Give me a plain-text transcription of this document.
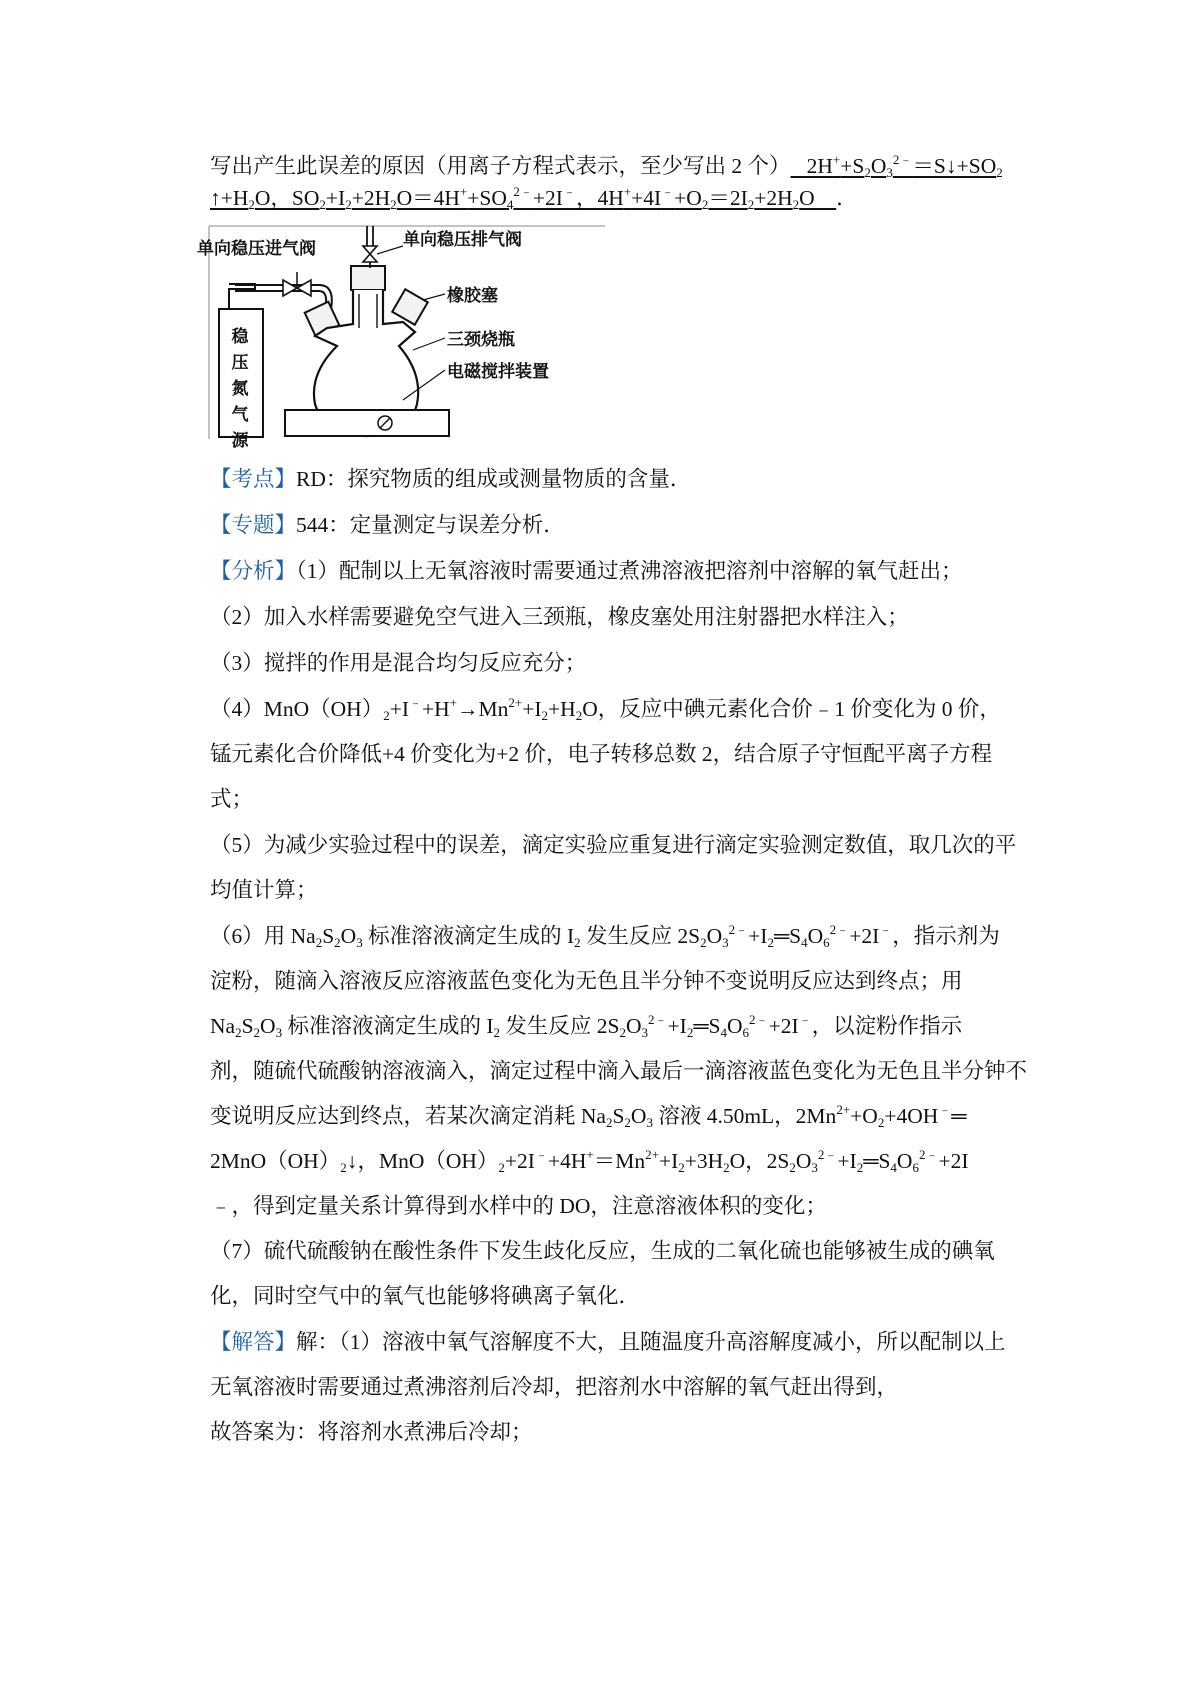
写出产生此误差的原因（用离子方程式表示，至少写出 2 个）   $2H^++S_2O_3^{2﹣}=S↓+SO_2$

$↑+H_2O$，$SO_2+I_2+2H_2O=4H^++SO_4^{2﹣}+2I^﹣$，$4H^++4I^﹣+O_2=2I_2+2H_2O$    ．

单向稳压进气阀	单向稳压排气阀
橡胶塞
三颈烧瓶
电磁搅拌装置
稳压氮气源

【考点】RD：探究物质的组成或测量物质的含量．

【专题】544：定量测定与误差分析．

【分析】（1）配制以上无氧溶液时需要通过煮沸溶液把溶剂中溶解的氧气赶出；

（2）加入水样需要避免空气进入三颈瓶，橡皮塞处用注射器把水样注入；

（3）搅拌的作用是混合均匀反应充分；

$(4)MnO(OH)_2+I^﹣+H^+\to Mn^{2+}+I_2+H_2O$，反应中碘元素化合价﹣1 价变化为 0 价，

锰元素化合价降低+4 价变化为+2 价，电子转移总数 2，结合原子守恒配平离子方程

式；

（5）为减少实验过程中的误差，滴定实验应重复进行滴定实验测定数值，取几次的平

均值计算；

（6）用 $Na_2S_2O_3$ 标准溶液滴定生成的 $I_2$ 发生反应 $2S_2O_3^{2﹣}+I_2═S_4O_6^{2﹣}+2I^﹣$，指示剂为

淀粉，随滴入溶液反应溶液蓝色变化为无色且半分钟不变说明反应达到终点；用

$Na_2S_2O_3$ 标准溶液滴定生成的 $I_2$ 发生反应 $2S_2O_3^{2﹣}+I_2═S_4O_6^{2﹣}+2I^﹣$，以淀粉作指示

剂，随硫代硫酸钠溶液滴入，滴定过程中滴入最后一滴溶液蓝色变化为无色且半分钟不

变说明反应达到终点，若某次滴定消耗 $Na_2S_2O_3$ 溶液 4.50mL，$2Mn^{2+}+O_2+4OH^﹣═$

$2MnO(OH)_2↓$，$MnO(OH)_2+2I^﹣+4H^+=Mn^{2+}+I_2+3H_2O$，$2S_2O_3^{2﹣}+I_2═S_4O_6^{2﹣}+2I$

﹣，得到定量关系计算得到水样中的 DO，注意溶液体积的变化；

（7）硫代硫酸钠在酸性条件下发生歧化反应，生成的二氧化硫也能够被生成的碘氧

化，同时空气中的氧气也能够将碘离子氧化．

【解答】解：（1）溶液中氧气溶解度不大，且随温度升高溶解度减小，所以配制以上

无氧溶液时需要通过煮沸溶剂后冷却，把溶剂水中溶解的氧气赶出得到，

故答案为：将溶剂水煮沸后冷却；
